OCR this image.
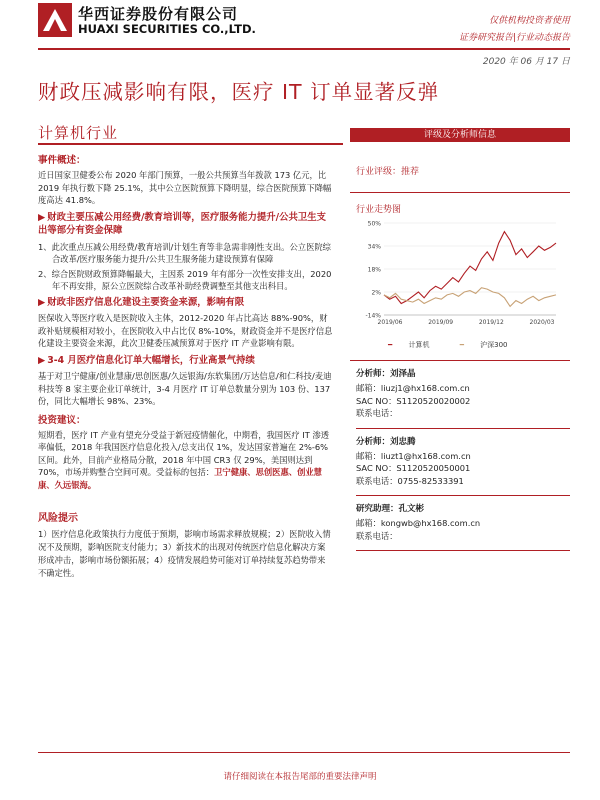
华西证券股份有限公司
HUAXI SECURITIES CO.,LTD.
仅供机构投资者使用
证券研究报告|行业动态报告
2020 年 06 月 17 日
财政压减影响有限，医疗 IT 订单显著反弹
计算机行业
事件概述：
近日国家卫健委公布 2020 年部门预算，一般公共预算当年拨款 173 亿元，比 2019 年执行数下降 25.1%，其中公立医院预算下降明显，综合医院预算下降幅度高达 41.8%。
▶ 财政主要压减公用经费/教育培训等，医疗服务能力提升/公共卫生支出等部分有资金保障
1、此次重点压减公用经费/教育培训/计划生育等非急需非刚性支出。公立医院综合改革/医疗服务能力提升/公共卫生服务能力建设预算有保障
2、综合医院财政预算降幅最大，主因系 2019 年有部分一次性安排支出，2020 年不再安排，原公立医院综合改革补助经费调整至其他支出科目。
▶ 财政非医疗信息化建设主要资金来源，影响有限
医保收入等医疗收入是医院收入主体，2012-2020 年占比高达 88%-90%，财政补贴规模相对较小，在医院收入中占比仅 8%-10%，财政资金并不是医疗信息化建设主要资金来源，此次卫健委压减预算对于医疗 IT 产业影响有限。
▶ 3-4 月医疗信息化订单大幅增长，行业高景气持续
基于对卫宁健康/创业慧康/思创医惠/久远银海/东软集团/万达信息/和仁科技/麦迪科技等 8 家主要企业订单统计，3-4 月医疗 IT 订单总数量分别为 103 份、137 份，同比大幅增长 98%、23%。
投资建议：
短期看，医疗 IT 产业有望充分受益于新冠疫情催化，中期看，我国医疗 IT 渗透率偏低，2018 年我国医疗信息化投入/总支出仅 1%，发达国家普遍在 2%-6%区间。此外，目前产业格局分散，2018 年中国 CR3 仅 29%，美国则达到 70%，市场并购整合空间可观。受益标的包括：卫宁健康、思创医惠、创业慧康、久远银海。
风险提示
1）医疗信息化政策执行力度低于预期，影响市场需求释放规模；2）医院收入情况不及预期，影响医院支付能力；3）新技术的出现对传统医疗信息化解决方案形成冲击，影响市场份额拓展；4）疫情发展趋势可能对订单持续复苏趋势带来不确定性。
评级及分析师信息
行业评级：推荐
行业走势图
-14%
2%
18%
34%
50%
2019/06	2019/09	2019/12	2020/03
━ 计算机	━ 沪深300
分析师：刘泽晶
邮箱：liuzj1@hx168.com.cn
SAC NO：S1120520020002
联系电话：
分析师：刘忠腾
邮箱：liuzt1@hx168.com.cn
SAC NO：S1120520050001
联系电话：0755-82533391
研究助理：孔文彬
邮箱：kongwb@hx168.com.cn
联系电话：
请仔细阅读在本报告尾部的重要法律声明
